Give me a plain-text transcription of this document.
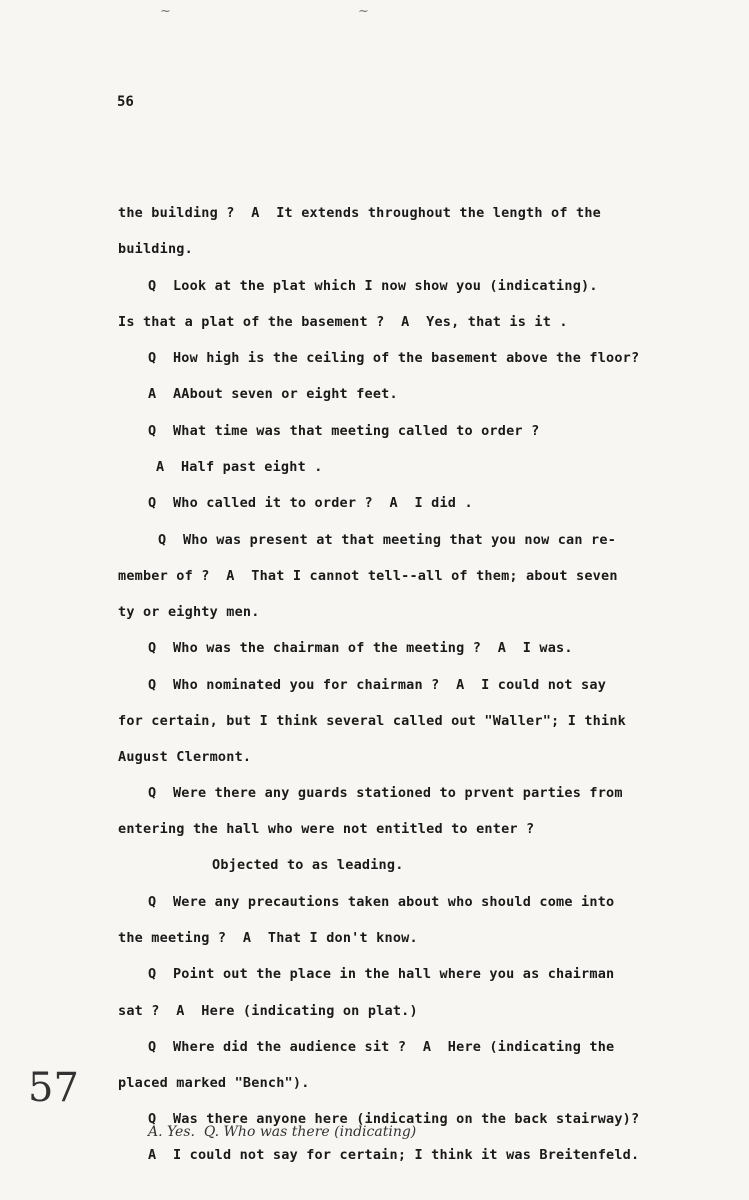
~	~
56
the building ?  A  It extends throughout the length of the
building.
Q  Look at the plat which I now show you (indicating).
Is that a plat of the basement ?  A  Yes, that is it .
Q  How high is the ceiling of the basement above the floor?
A  AAbout seven or eight feet.
Q  What time was that meeting called to order ?
A  Half past eight .
Q  Who called it to order ?  A  I did .
Q  Who was present at that meeting that you now can re-
member of ?  A  That I cannot tell--all of them; about seven
ty or eighty men.
Q  Who was the chairman of the meeting ?  A  I was.
Q  Who nominated you for chairman ?  A  I could not say
for certain, but I think several called out "Waller"; I think
August Clermont.
Q  Were there any guards stationed to prvent parties from
entering the hall who were not entitled to enter ?
Objected to as leading.
Q  Were any precautions taken about who should come into
the meeting ?  A  That I don't know.
Q  Point out the place in the hall where you as chairman
sat ?  A  Here (indicating on plat.)
Q  Where did the audience sit ?  A  Here (indicating the
placed marked "Bench").
Q  Was there anyone here (indicating on the back stairway)?
A  I could not say for certain; I think it was Breitenfeld.
57
A. Yes.  Q. Who was there (indicating)
